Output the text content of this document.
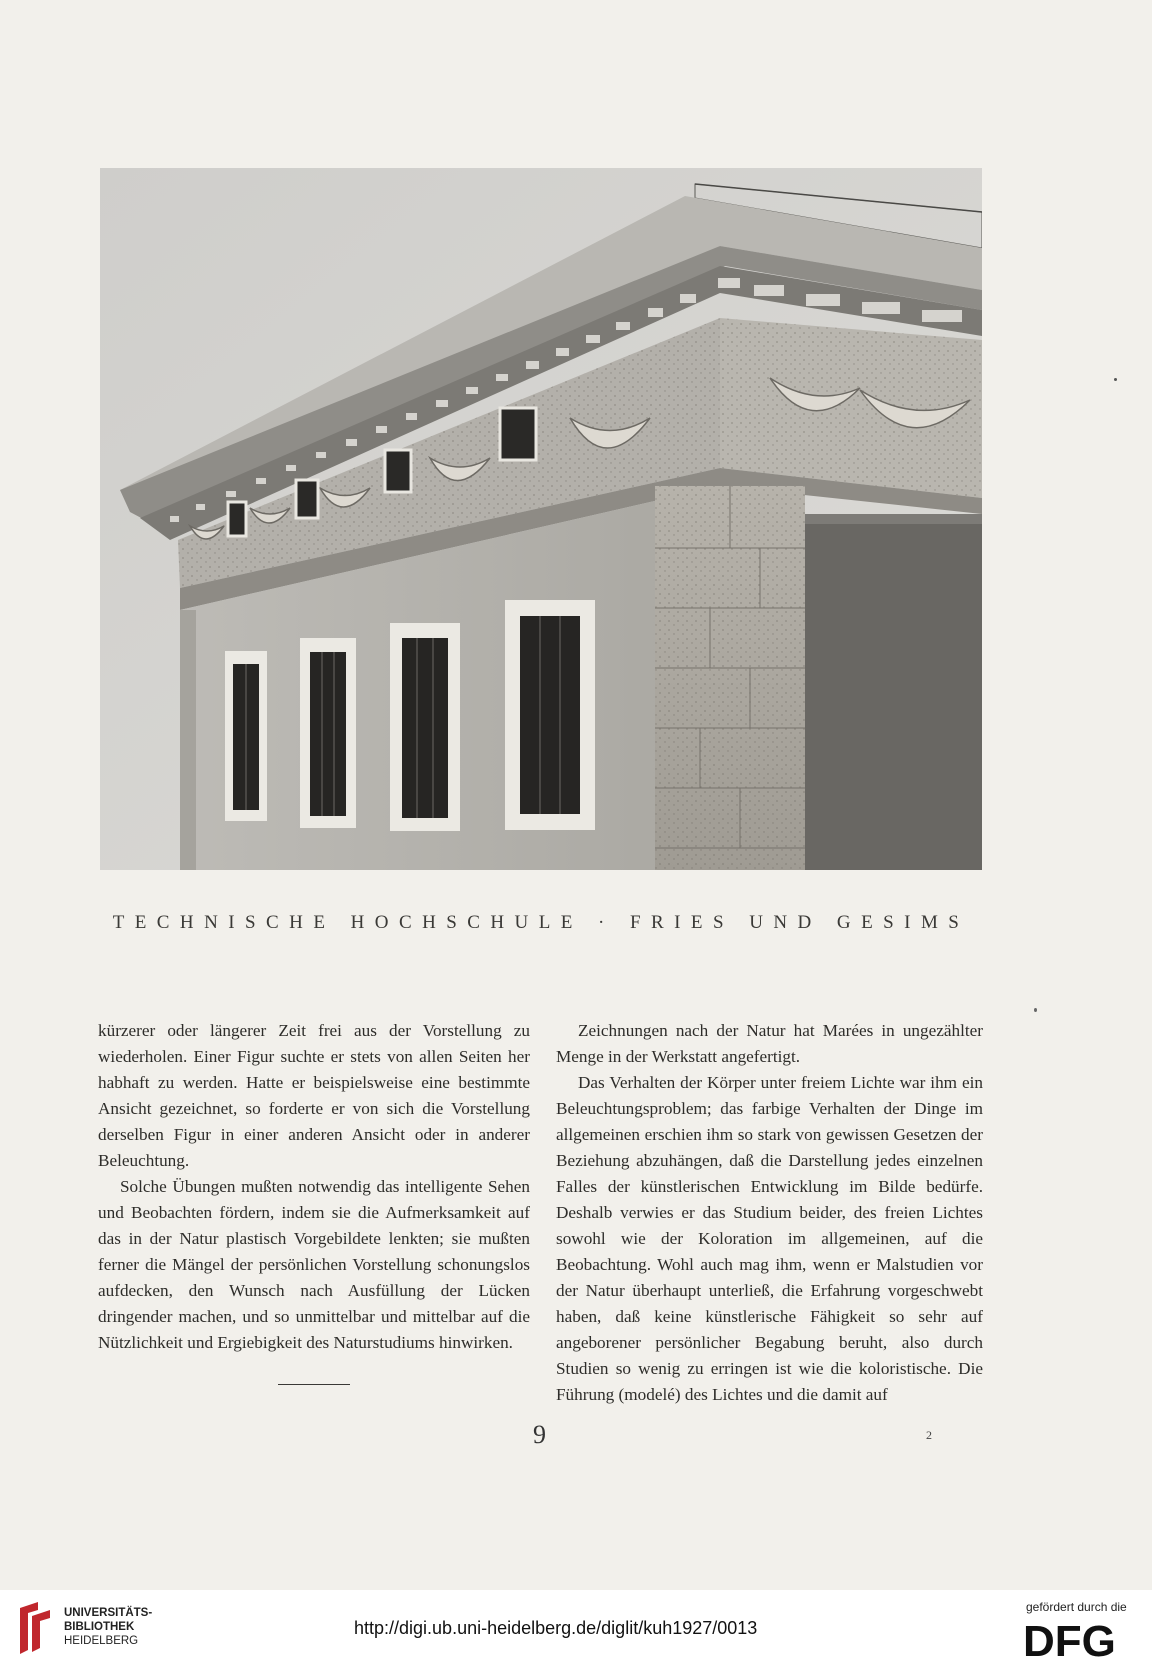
TECHNISCHE HOCHSCHULE · FRIES UND GESIMS

kürzerer oder längerer Zeit frei aus der Vorstellung zu wiederholen. Einer Figur suchte er stets von allen Seiten her habhaft zu werden. Hatte er beispielsweise eine bestimmte Ansicht gezeichnet, so forderte er von sich die Vorstellung derselben Figur in einer anderen Ansicht oder in anderer Beleuchtung.

Solche Übungen mußten notwendig das intelligente Sehen und Beobachten fördern, indem sie die Aufmerksamkeit auf das in der Natur plastisch Vorgebildete lenkten; sie mußten ferner die Mängel der persönlichen Vorstellung schonungslos aufdecken, den Wunsch nach Ausfüllung der Lücken dringender machen, und so unmittelbar und mittelbar auf die Nützlichkeit und Ergiebigkeit des Naturstudiums hinwirken.

Zeichnungen nach der Natur hat Marées in ungezählter Menge in der Werkstatt angefertigt.

Das Verhalten der Körper unter freiem Lichte war ihm ein Beleuchtungsproblem; das farbige Verhalten der Dinge im allgemeinen erschien ihm so stark von gewissen Gesetzen der Beziehung abzuhängen, daß die Darstellung jedes einzelnen Falles der künstlerischen Entwicklung im Bilde bedürfe. Deshalb verwies er das Studium beider, des freien Lichtes sowohl wie der Koloration im allgemeinen, auf die Beobachtung. Wohl auch mag ihm, wenn er Malstudien vor der Natur überhaupt unterließ, die Erfahrung vorgeschwebt haben, daß keine künstlerische Fähigkeit so sehr auf angeborener persönlicher Begabung beruht, also durch Studien so wenig zu erringen ist wie die koloristische. Die Führung (modelé) des Lichtes und die damit auf

9	2
UNIVERSITÄTS-
BIBLIOTHEK
HEIDELBERG
http://digi.ub.uni-heidelberg.de/diglit/kuh1927/0013
gefördert durch die
DFG
